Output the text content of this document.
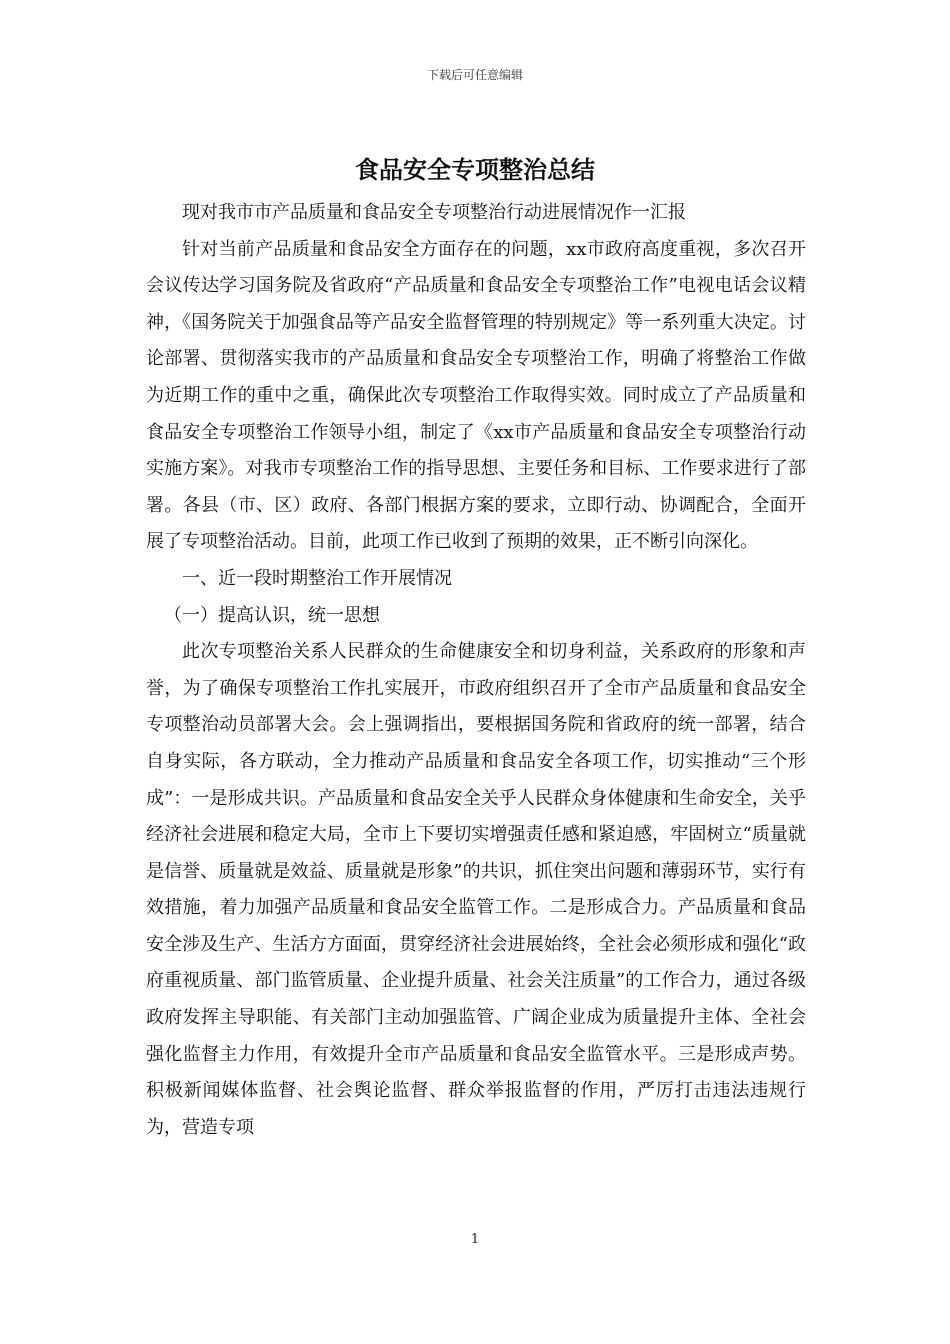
下载后可任意编辑
食品安全专项整治总结

现对我市市产品质量和食品安全专项整治行动进展情况作一汇报

针对当前产品质量和食品安全方面存在的问题，xx市政府高度重视，多次召开会议传达学习国务院及省政府“产品质量和食品安全专项整治工作”电视电话会议精神，《国务院关于加强食品等产品安全监督管理的特别规定》等一系列重大决定。讨论部署、贯彻落实我市的产品质量和食品安全专项整治工作，明确了将整治工作做为近期工作的重中之重，确保此次专项整治工作取得实效。同时成立了产品质量和食品安全专项整治工作领导小组，制定了《xx市产品质量和食品安全专项整治行动实施方案》。对我市专项整治工作的指导思想、主要任务和目标、工作要求进行了部署。各县（市、区）政府、各部门根据方案的要求，立即行动、协调配合，全面开展了专项整治活动。目前，此项工作已收到了预期的效果，正不断引向深化。

一、近一段时期整治工作开展情况

（一）提高认识，统一思想

此次专项整治关系人民群众的生命健康安全和切身利益，关系政府的形象和声誉，为了确保专项整治工作扎实展开，市政府组织召开了全市产品质量和食品安全专项整治动员部署大会。会上强调指出，要根据国务院和省政府的统一部署，结合自身实际，各方联动，全力推动产品质量和食品安全各项工作，切实推动“三个形成”：一是形成共识。产品质量和食品安全关乎人民群众身体健康和生命安全，关乎经济社会进展和稳定大局，全市上下要切实增强责任感和紧迫感，牢固树立“质量就是信誉、质量就是效益、质量就是形象”的共识，抓住突出问题和薄弱环节，实行有效措施，着力加强产品质量和食品安全监管工作。二是形成合力。产品质量和食品安全涉及生产、生活方方面面，贯穿经济社会进展始终，全社会必须形成和强化“政府重视质量、部门监管质量、企业提升质量、社会关注质量”的工作合力，通过各级政府发挥主导职能、有关部门主动加强监管、广阔企业成为质量提升主体、全社会强化监督主力作用，有效提升全市产品质量和食品安全监管水平。三是形成声势。积极新闻媒体监督、社会舆论监督、群众举报监督的作用，严厉打击违法违规行为，营造专项

1
